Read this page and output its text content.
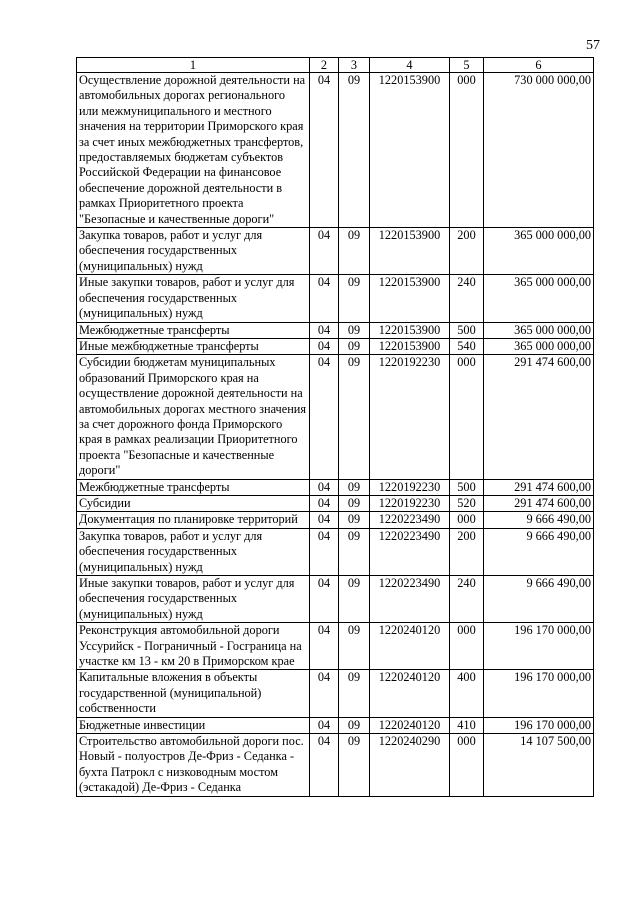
57
1	2	3	4	5	6
Осуществление дорожной деятельности на автомобильных дорогах регионального или межмуниципального и местного значения на территории Приморского края за счет иных межбюджетных трансфертов, предоставляемых бюджетам субъектов Российской Федерации на финансовое обеспечение дорожной деятельности в рамках Приоритетного проекта "Безопасные и качественные дороги"	04	09	1220153900	000	730 000 000,00
Закупка товаров, работ и услуг для обеспечения государственных (муниципальных) нужд	04	09	1220153900	200	365 000 000,00
Иные закупки товаров, работ и услуг для обеспечения государственных (муниципальных) нужд	04	09	1220153900	240	365 000 000,00
Межбюджетные трансферты	04	09	1220153900	500	365 000 000,00
Иные межбюджетные трансферты	04	09	1220153900	540	365 000 000,00
Субсидии бюджетам муниципальных образований Приморского края на осуществление дорожной деятельности на автомобильных дорогах местного значения за счет дорожного фонда Приморского края в рамках реализации Приоритетного проекта "Безопасные и качественные дороги"	04	09	1220192230	000	291 474 600,00
Межбюджетные трансферты	04	09	1220192230	500	291 474 600,00
Субсидии	04	09	1220192230	520	291 474 600,00
Документация по планировке территорий	04	09	1220223490	000	9 666 490,00
Закупка товаров, работ и услуг для обеспечения государственных (муниципальных) нужд	04	09	1220223490	200	9 666 490,00
Иные закупки товаров, работ и услуг для обеспечения государственных (муниципальных) нужд	04	09	1220223490	240	9 666 490,00
Реконструкция автомобильной дороги Уссурийск - Пограничный - Госграница на участке км 13 - км 20 в Приморском крае	04	09	1220240120	000	196 170 000,00
Капитальные вложения в объекты государственной (муниципальной) собственности	04	09	1220240120	400	196 170 000,00
Бюджетные инвестиции	04	09	1220240120	410	196 170 000,00
Строительство автомобильной дороги пос. Новый - полуостров Де-Фриз - Седанка - бухта Патрокл с низководным мостом (эстакадой) Де-Фриз - Седанка	04	09	1220240290	000	14 107 500,00
